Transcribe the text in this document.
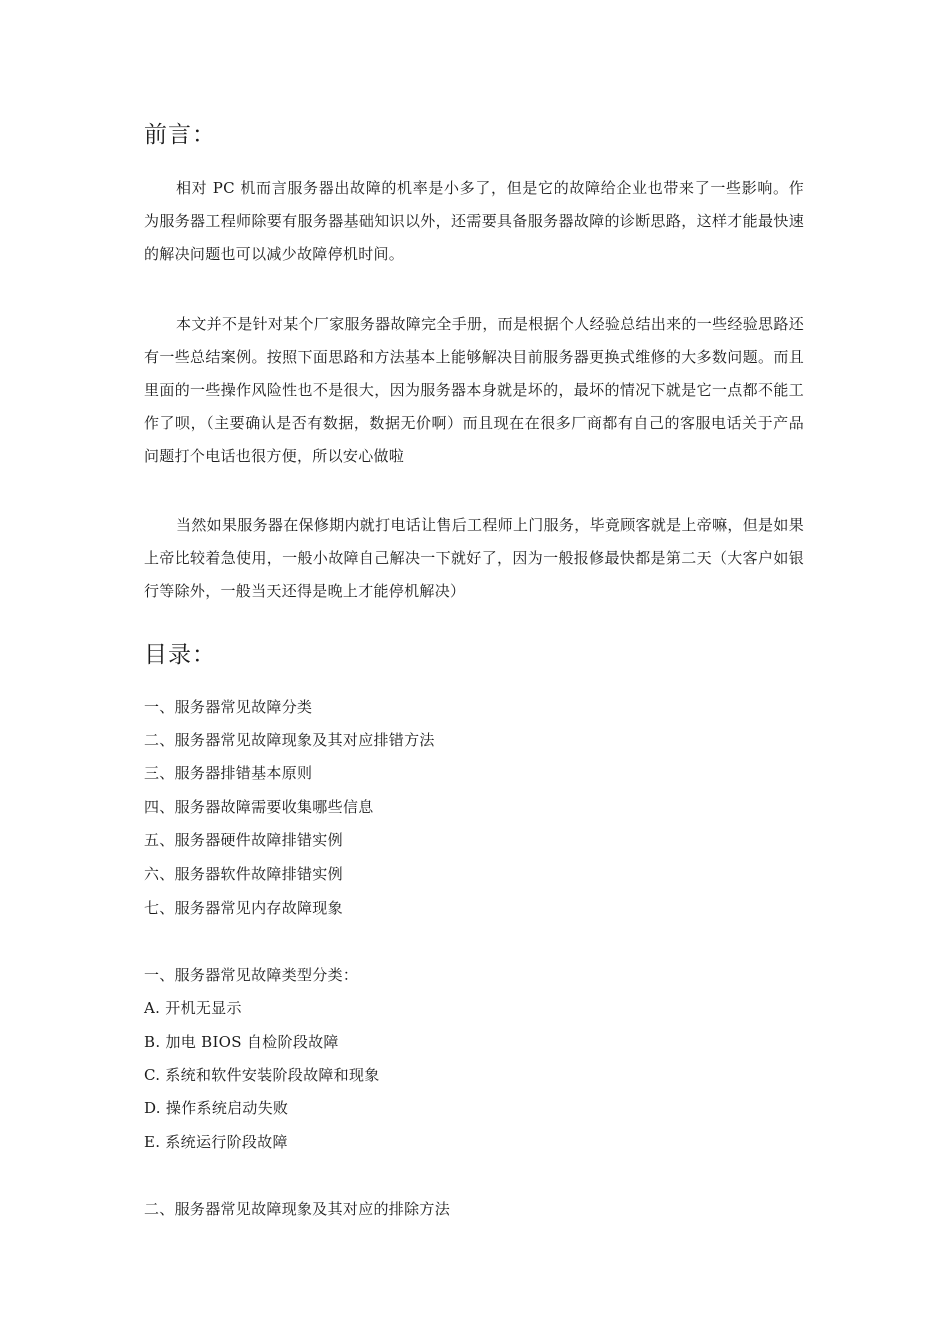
前言：
相对 PC 机而言服务器出故障的机率是小多了，但是它的故障给企业也带来了一些影响。作为服务器工程师除要有服务器基础知识以外，还需要具备服务器故障的诊断思路，这样才能最快速的解决问题也可以减少故障停机时间。
本文并不是针对某个厂家服务器故障完全手册，而是根据个人经验总结出来的一些经验思路还有一些总结案例。按照下面思路和方法基本上能够解决目前服务器更换式维修的大多数问题。而且里面的一些操作风险性也不是很大，因为服务器本身就是坏的，最坏的情况下就是它一点都不能工作了呗，（主要确认是否有数据，数据无价啊）而且现在在很多厂商都有自己的客服电话关于产品问题打个电话也很方便，所以安心做啦
当然如果服务器在保修期内就打电话让售后工程师上门服务，毕竟顾客就是上帝嘛，但是如果上帝比较着急使用，一般小故障自己解决一下就好了，因为一般报修最快都是第二天（大客户如银行等除外，一般当天还得是晚上才能停机解决）
目录：
一、服务器常见故障分类
二、服务器常见故障现象及其对应排错方法
三、服务器排错基本原则
四、服务器故障需要收集哪些信息
五、服务器硬件故障排错实例
六、服务器软件故障排错实例
七、服务器常见内存故障现象
一、服务器常见故障类型分类：
A. 开机无显示
B. 加电 BIOS 自检阶段故障
C. 系统和软件安装阶段故障和现象
D. 操作系统启动失败
E. 系统运行阶段故障
二、服务器常见故障现象及其对应的排除方法
